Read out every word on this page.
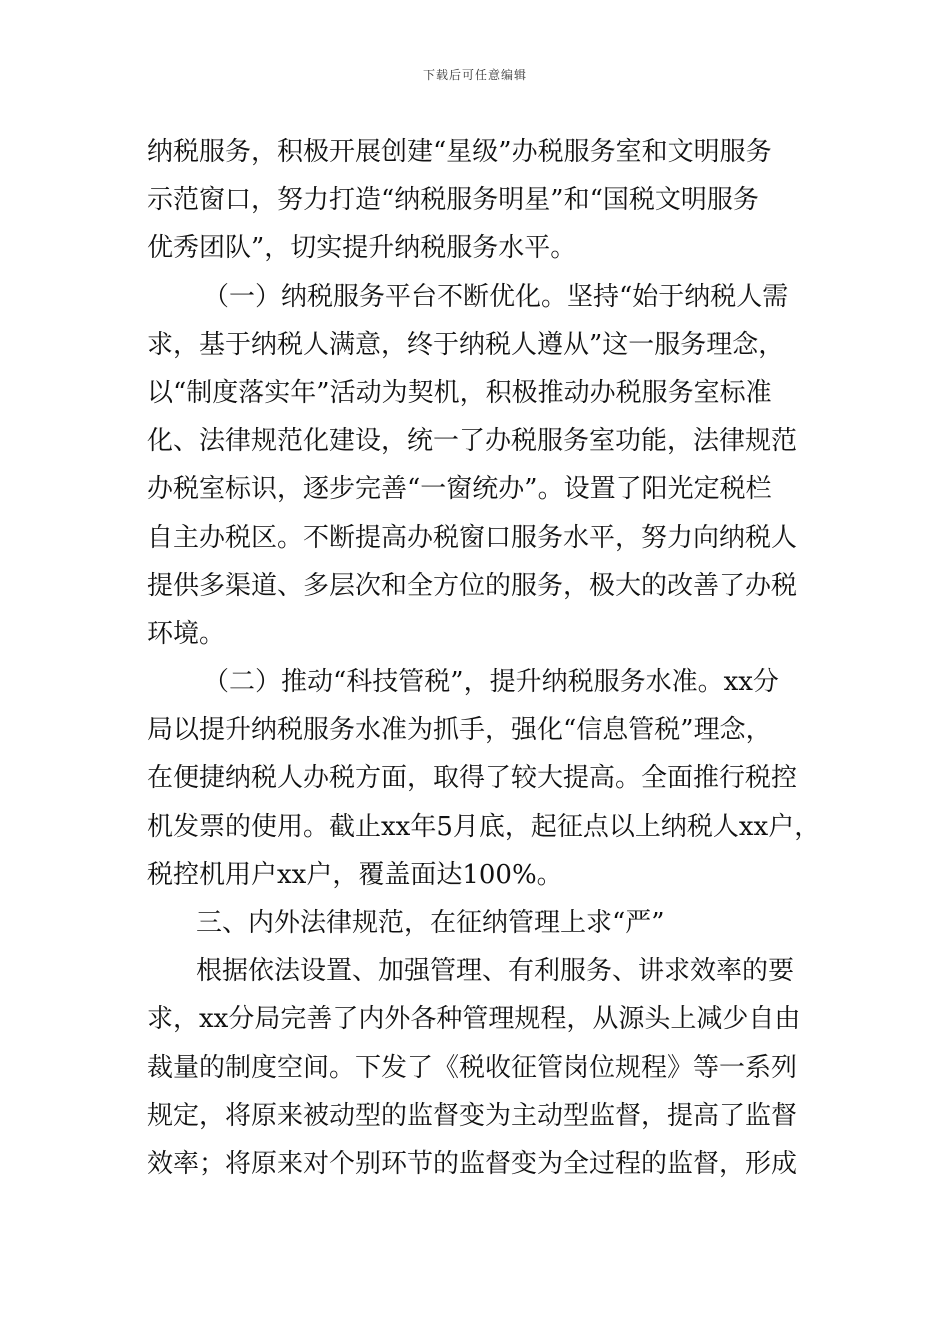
下载后可任意编辑
纳税服务，积极开展创建“星级”办税服务室和文明服务
示范窗口，努力打造“纳税服务明星”和“国税文明服务
优秀团队”，切实提升纳税服务水平。
（一）纳税服务平台不断优化。坚持“始于纳税人需
求，基于纳税人满意，终于纳税人遵从”这一服务理念，
以“制度落实年”活动为契机，积极推动办税服务室标准
化、法律规范化建设，统一了办税服务室功能，法律规范
办税室标识，逐步完善“一窗统办”。设置了阳光定税栏
自主办税区。不断提高办税窗口服务水平，努力向纳税人
提供多渠道、多层次和全方位的服务，极大的改善了办税
环境。
（二）推动“科技管税”，提升纳税服务水准。xx分
局以提升纳税服务水准为抓手，强化“信息管税”理念，
在便捷纳税人办税方面，取得了较大提高。全面推行税控
机发票的使用。截止xx年5月底，起征点以上纳税人xx户，
税控机用户xx户，覆盖面达100%。
三、内外法律规范，在征纳管理上求“严”
根据依法设置、加强管理、有利服务、讲求效率的要
求，xx分局完善了内外各种管理规程，从源头上减少自由
裁量的制度空间。下发了《税收征管岗位规程》等一系列
规定，将原来被动型的监督变为主动型监督，提高了监督
效率；将原来对个别环节的监督变为全过程的监督，形成
